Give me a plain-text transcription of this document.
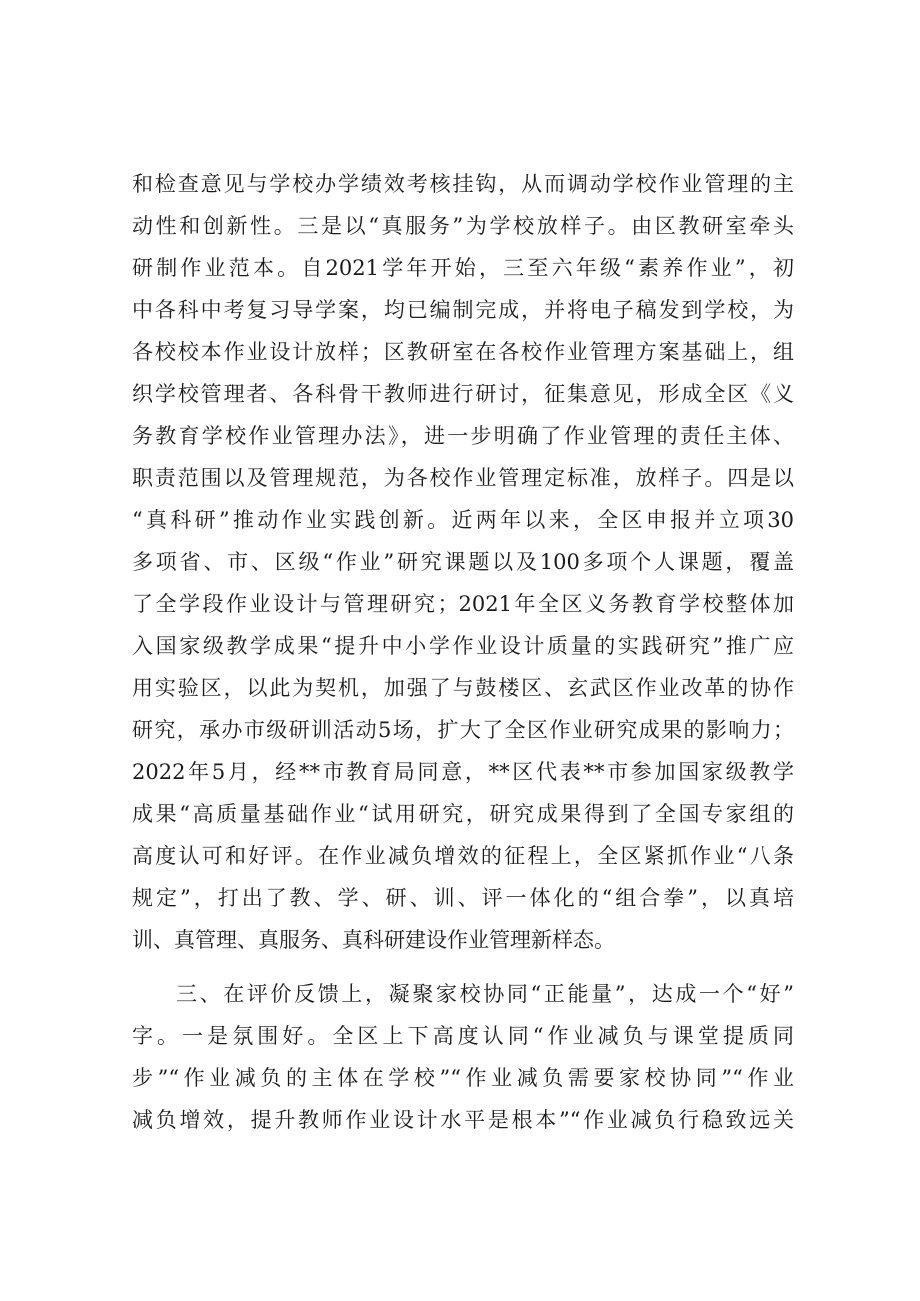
和检查意见与学校办学绩效考核挂钩，从而调动学校作业管理的主
动性和创新性。三是以“真服务”为学校放样子。由区教研室牵头
研制作业范本。自2021学年开始，三至六年级“素养作业”，初
中各科中考复习导学案，均已编制完成，并将电子稿发到学校，为
各校校本作业设计放样；区教研室在各校作业管理方案基础上，组
织学校管理者、各科骨干教师进行研讨，征集意见，形成全区《义
务教育学校作业管理办法》，进一步明确了作业管理的责任主体、
职责范围以及管理规范，为各校作业管理定标准，放样子。四是以
“真科研”推动作业实践创新。近两年以来，全区申报并立项30
多项省、市、区级“作业”研究课题以及100多项个人课题，覆盖
了全学段作业设计与管理研究；2021年全区义务教育学校整体加
入国家级教学成果“提升中小学作业设计质量的实践研究”推广应
用实验区，以此为契机，加强了与鼓楼区、玄武区作业改革的协作
研究，承办市级研训活动5场，扩大了全区作业研究成果的影响力；
2022年5月，经**市教育局同意，**区代表**市参加国家级教学
成果“高质量基础作业“试用研究，研究成果得到了全国专家组的
高度认可和好评。在作业减负增效的征程上，全区紧抓作业“八条
规定”，打出了教、学、研、训、评一体化的“组合拳”，以真培
训、真管理、真服务、真科研建设作业管理新样态。
三、在评价反馈上，凝聚家校协同“正能量”，达成一个“好”
字。一是氛围好。全区上下高度认同“作业减负与课堂提质同
步”“作业减负的主体在学校”“作业减负需要家校协同”“作业
减负增效，提升教师作业设计水平是根本”“作业减负行稳致远关
